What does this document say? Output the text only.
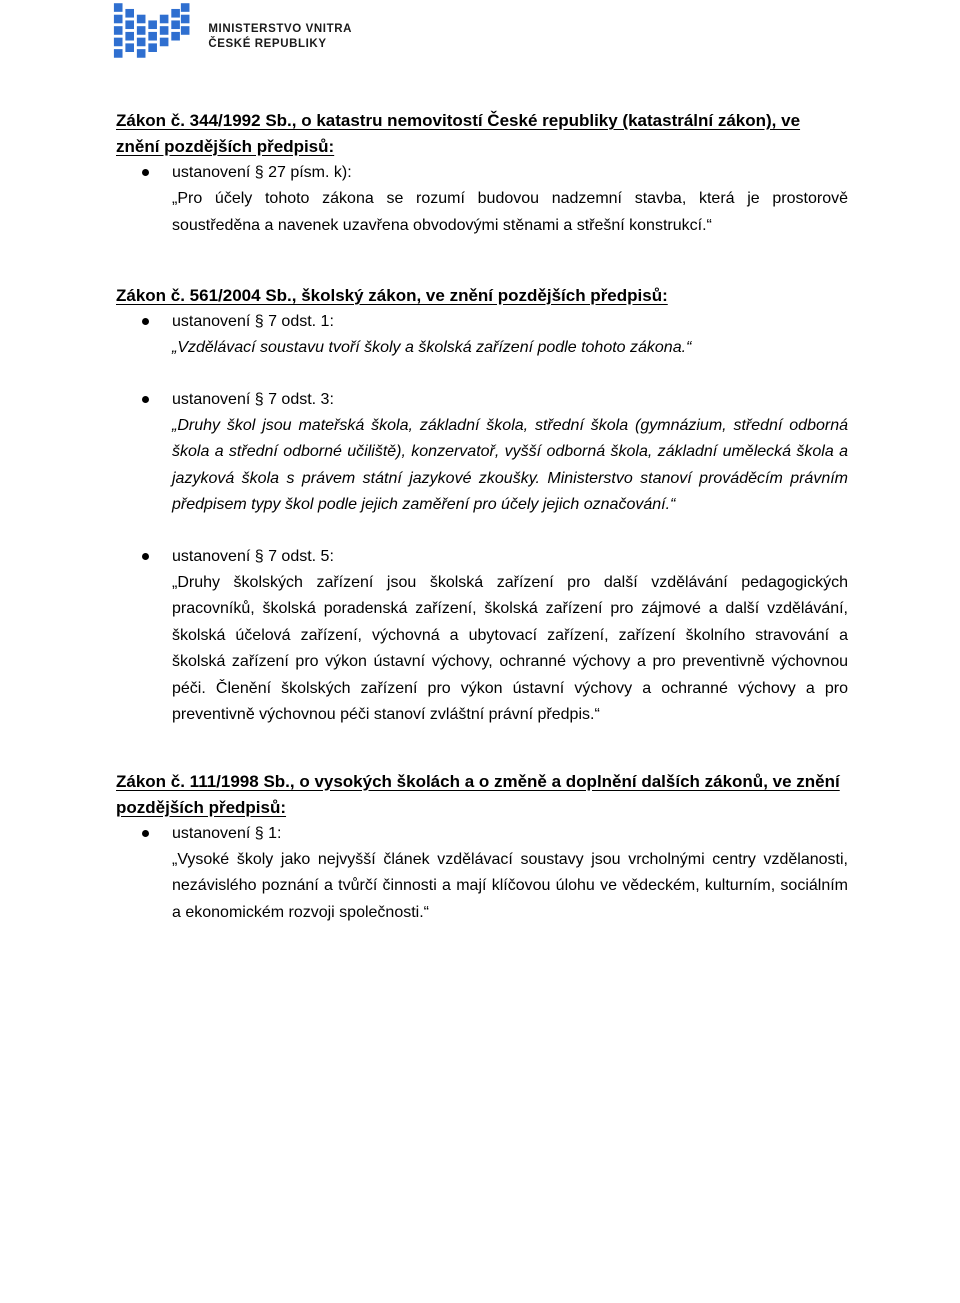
MINISTERSTVO VNITRA
ČESKÉ REPUBLIKY

Zákon č. 344/1992 Sb., o katastru nemovitostí České republiky (katastrální zákon), ve znění pozdějších předpisů:

ustanovení § 27 písm. k):
„Pro účely tohoto zákona se rozumí budovou nadzemní stavba, která je prostorově soustředěna a navenek uzavřena obvodovými stěnami a střešní konstrukcí.“

Zákon č. 561/2004 Sb., školský zákon, ve znění pozdějších předpisů:

ustanovení § 7 odst. 1:
„Vzdělávací soustavu tvoří školy a školská zařízení podle tohoto zákona.“
ustanovení § 7 odst. 3:
„Druhy škol jsou mateřská škola, základní škola, střední škola (gymnázium, střední odborná škola a střední odborné učiliště), konzervatoř, vyšší odborná škola, základní umělecká škola a jazyková škola s právem státní jazykové zkoušky. Ministerstvo stanoví prováděcím právním předpisem typy škol podle jejich zaměření pro účely jejich označování.“
ustanovení § 7 odst. 5:
„Druhy školských zařízení jsou školská zařízení pro další vzdělávání pedagogických pracovníků, školská poradenská zařízení, školská zařízení pro zájmové a další vzdělávání, školská účelová zařízení, výchovná a ubytovací zařízení, zařízení školního stravování a školská zařízení pro výkon ústavní výchovy, ochranné výchovy a pro preventivně výchovnou péči. Členění školských zařízení pro výkon ústavní výchovy a ochranné výchovy a pro preventivně výchovnou péči stanoví zvláštní právní předpis.“

Zákon č. 111/1998 Sb., o vysokých školách a o změně a doplnění dalších zákonů, ve znění pozdějších předpisů:

ustanovení § 1:
„Vysoké školy jako nejvyšší článek vzdělávací soustavy jsou vrcholnými centry vzdělanosti, nezávislého poznání a tvůrčí činnosti a mají klíčovou úlohu ve vědeckém, kulturním, sociálním a ekonomickém rozvoji společnosti.“
